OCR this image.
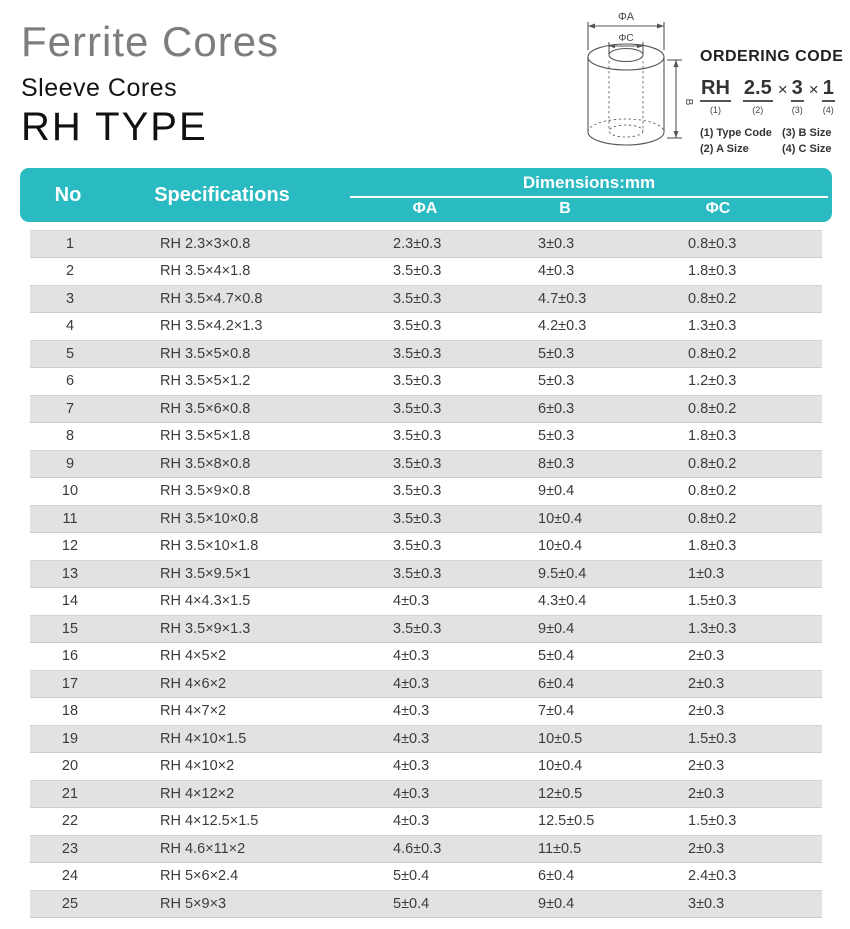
Ferrite Cores
Sleeve Cores
RH TYPE
ΦA
ΦC
B
ORDERING CODE
RH
(1)
2.5
(2)
× 3
(3)
× 1
(4)
(1) Type Code (3) B Size
(2) A Size	(4) C Size
No	Specifications
Dimensions:mm
ΦA	B	ΦC
1	RH 2.3×3×0.8	2.3±0.3	3±0.3	0.8±0.3
2	RH 3.5×4×1.8	3.5±0.3	4±0.3	1.8±0.3
3	RH 3.5×4.7×0.8	3.5±0.3	4.7±0.3	0.8±0.2
4	RH 3.5×4.2×1.3	3.5±0.3	4.2±0.3	1.3±0.3
5	RH 3.5×5×0.8	3.5±0.3	5±0.3	0.8±0.2
6	RH 3.5×5×1.2	3.5±0.3	5±0.3	1.2±0.3
7	RH 3.5×6×0.8	3.5±0.3	6±0.3	0.8±0.2
8	RH 3.5×5×1.8	3.5±0.3	5±0.3	1.8±0.3
9	RH 3.5×8×0.8	3.5±0.3	8±0.3	0.8±0.2
10	RH 3.5×9×0.8	3.5±0.3	9±0.4	0.8±0.2
11	RH 3.5×10×0.8	3.5±0.3	10±0.4	0.8±0.2
12	RH 3.5×10×1.8	3.5±0.3	10±0.4	1.8±0.3
13	RH 3.5×9.5×1	3.5±0.3	9.5±0.4	1±0.3
14	RH 4×4.3×1.5	4±0.3	4.3±0.4	1.5±0.3
15	RH 3.5×9×1.3	3.5±0.3	9±0.4	1.3±0.3
16	RH 4×5×2	4±0.3	5±0.4	2±0.3
17	RH 4×6×2	4±0.3	6±0.4	2±0.3
18	RH 4×7×2	4±0.3	7±0.4	2±0.3
19	RH 4×10×1.5	4±0.3	10±0.5	1.5±0.3
20	RH 4×10×2	4±0.3	10±0.4	2±0.3
21	RH 4×12×2	4±0.3	12±0.5	2±0.3
22	RH 4×12.5×1.5	4±0.3	12.5±0.5	1.5±0.3
23	RH 4.6×11×2	4.6±0.3	11±0.5	2±0.3
24	RH 5×6×2.4	5±0.4	6±0.4	2.4±0.3
25	RH 5×9×3	5±0.4	9±0.4	3±0.3
